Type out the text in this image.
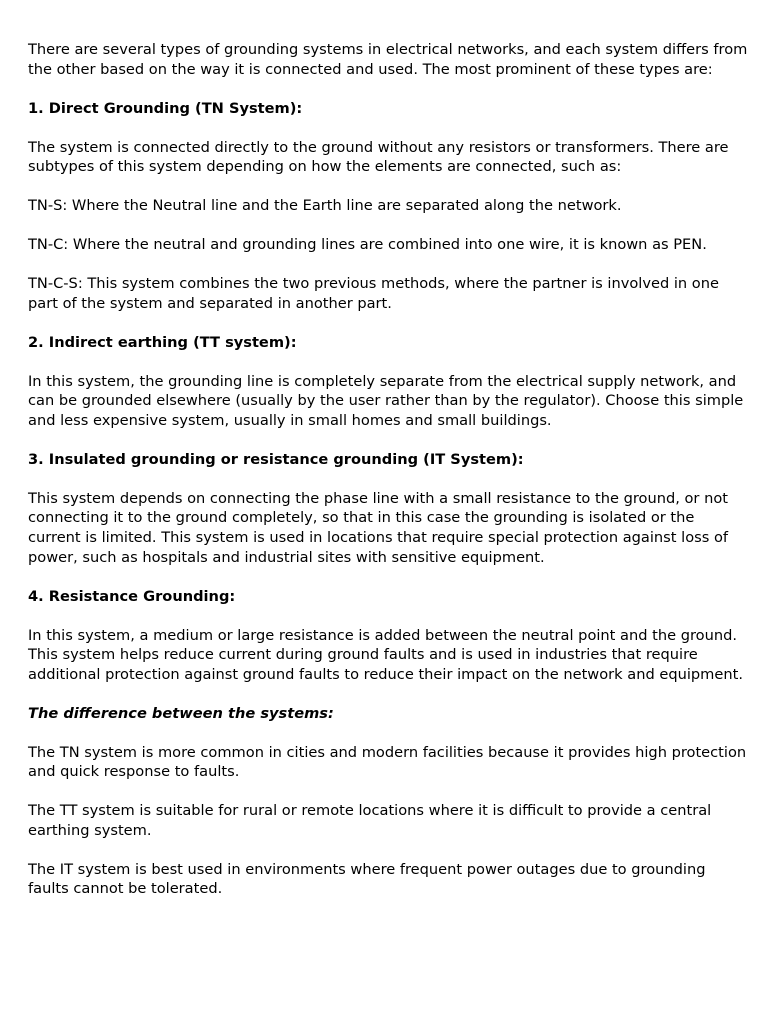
There are several types of grounding systems in electrical networks, and each system differs from the other based on the way it is connected and used. The most prominent of these types are:

1. Direct Grounding (TN System):

The system is connected directly to the ground without any resistors or transformers. There are subtypes of this system depending on how the elements are connected, such as:

TN-S: Where the Neutral line and the Earth line are separated along the network.

TN-C: Where the neutral and grounding lines are combined into one wire, it is known as PEN.

TN-C-S: This system combines the two previous methods, where the partner is involved in one part of the system and separated in another part.

2. Indirect earthing (TT system):

In this system, the grounding line is completely separate from the electrical supply network, and can be grounded elsewhere (usually by the user rather than by the regulator). Choose this simple and less expensive system, usually in small homes and small buildings.

3. Insulated grounding or resistance grounding (IT System):

This system depends on connecting the phase line with a small resistance to the ground, or not connecting it to the ground completely, so that in this case the grounding is isolated or the current is limited. This system is used in locations that require special protection against loss of power, such as hospitals and industrial sites with sensitive equipment.

4. Resistance Grounding:

In this system, a medium or large resistance is added between the neutral point and the ground. This system helps reduce current during ground faults and is used in industries that require additional protection against ground faults to reduce their impact on the network and equipment.

The difference between the systems:

The TN system is more common in cities and modern facilities because it provides high protection and quick response to faults.

The TT system is suitable for rural or remote locations where it is difficult to provide a central earthing system.

The IT system is best used in environments where frequent power outages due to grounding faults cannot be tolerated.
